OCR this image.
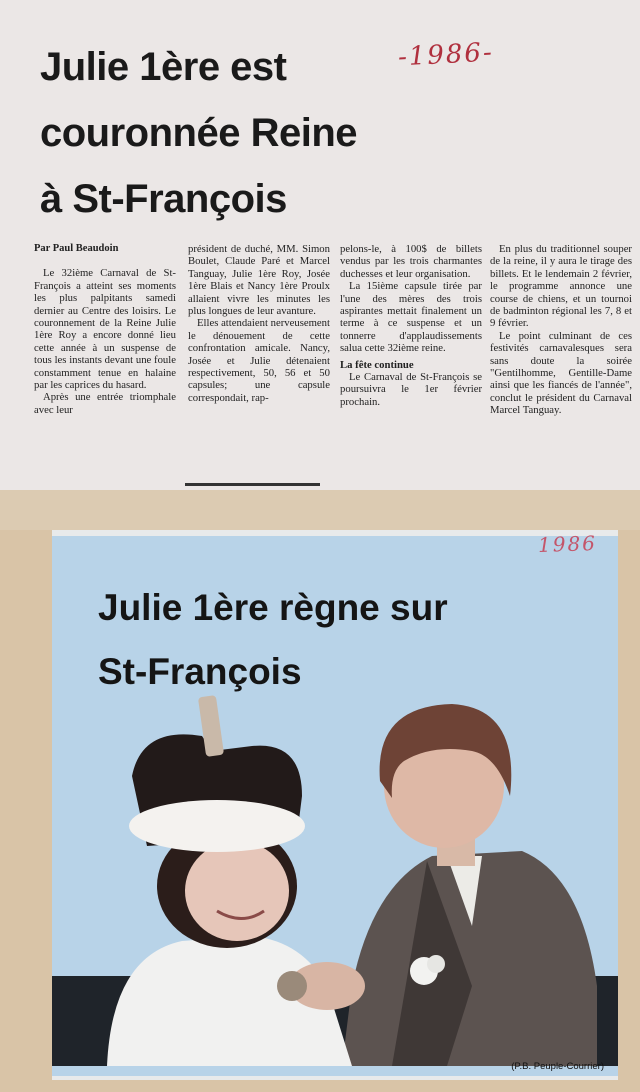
Julie 1ère est
couronnée Reine
à St-François
-1986-

Par Paul Beaudoin

Le 32ième Carnaval de St-François a atteint ses moments les plus palpitants samedi dernier au Centre des loisirs. Le couronnement de la Reine Julie 1ère Roy a encore donné lieu cette année à un suspense de tous les instants devant une foule constamment tenue en halaine par les caprices du hasard.

Après une entrée triomphale avec leur

président de duché, MM. Simon Boulet, Claude Paré et Marcel Tanguay, Julie 1ère Roy, Josée 1ère Blais et Nancy 1ère Proulx allaient vivre les minutes les plus longues de leur avanture.

Elles attendaient nerveusement le dénouement de cette confrontation amicale. Nancy, Josée et Julie détenaient respectivement, 50, 56 et 50 capsules; une capsule correspondait, rap-

pelons-le, à 100$ de billets vendus par les trois charmantes duchesses et leur organisation.

La 15ième capsule tirée par l'une des mères des trois aspirantes mettait finalement un terme à ce suspense et un tonnerre d'applaudissements salua cette 32ième reine.

La fête continue

Le Carnaval de St-François se poursuivra le 1er février prochain.

En plus du traditionnel souper de la reine, il y aura le tirage des billets. Et le lendemain 2 février, le programme annonce une course de chiens, et un tournoi de badminton régional les 7, 8 et 9 février.

Le point culminant de ces festivités carnavalesques sera sans doute la soirée "Gentilhomme, Gentille-Dame ainsi que les fiancés de l'année", conclut le président du Carnaval Marcel Tanguay.

Julie 1ère règne sur
St-François
(P.B. Peuple-Courrier)
1986
